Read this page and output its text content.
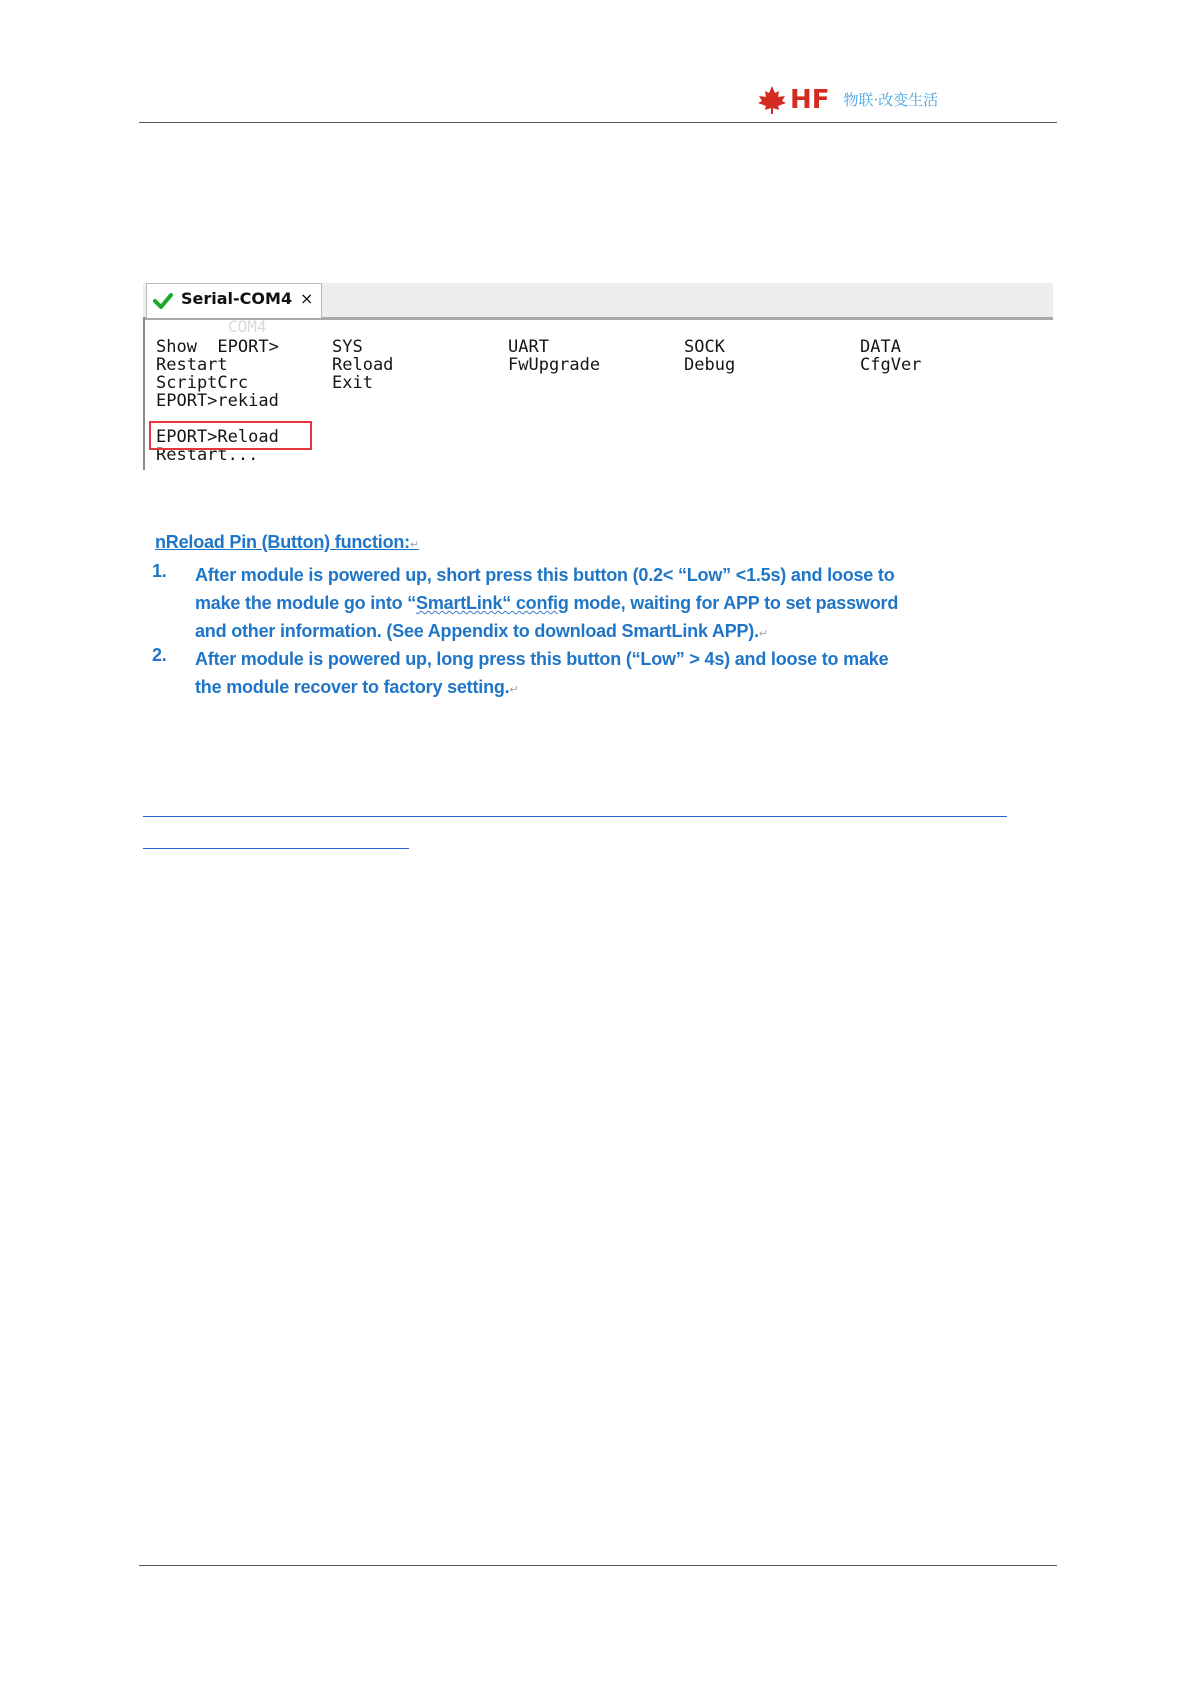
HF 物联·改变生活
Serial-COM4 ×

EPORT>

COM4

Show	SYS	UART	SOCK	DATA
Restart	Reload	FwUpgrade	Debug	CfgVer
ScriptCrc	Exit
EPORT>rekiad
EPORT>Reload
Restart...
nReload Pin (Button) function:↵
1. After module is powered up, short press this button (0.2< “Low” <1.5s) and loose to
make the module go into “SmartLink“ config mode, waiting for APP to set password
and other information. (See Appendix to download SmartLink APP).↵
2. After module is powered up, long press this button (“Low” > 4s) and loose to make
the module recover to factory setting.↵
